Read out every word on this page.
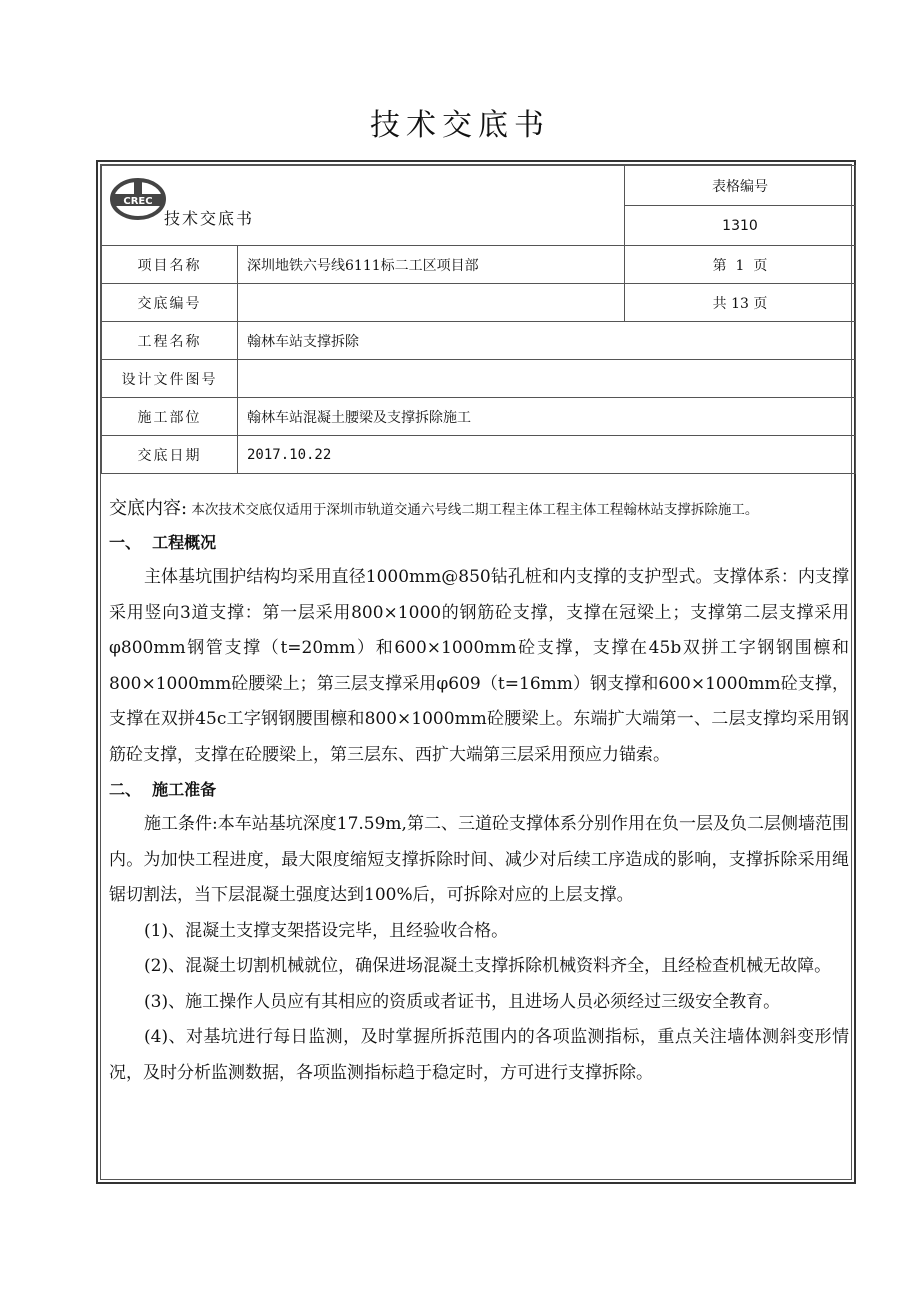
技术交底书
CREC
技术交底书		表格编号
		1310
项目名称	深圳地铁六号线6111标二工区项目部	第  1  页
交底编号		共 13 页
工程名称	翰林车站支撑拆除	
设计文件图号		
施工部位	翰林车站混凝土腰梁及支撑拆除施工	
交底日期	2017.10.22	

交底内容: 本次技术交底仅适用于深圳市轨道交通六号线二期工程主体工程主体工程翰林站支撑拆除施工。

一、  工程概况

主体基坑围护结构均采用直径1000mm@850钻孔桩和内支撑的支护型式。支撑体系：内支撑采用竖向3道支撑：第一层采用800×1000的钢筋砼支撑，支撑在冠梁上；支撑第二层支撑采用φ800mm钢管支撑（t=20mm）和600×1000mm砼支撑，支撑在45b双拼工字钢钢围檩和800×1000mm砼腰梁上；第三层支撑采用φ609（t=16mm）钢支撑和600×1000mm砼支撑，支撑在双拼45c工字钢钢腰围檩和800×1000mm砼腰梁上。东端扩大端第一、二层支撑均采用钢筋砼支撑，支撑在砼腰梁上，第三层东、西扩大端第三层采用预应力锚索。

二、  施工准备

施工条件:本车站基坑深度17.59m,第二、三道砼支撑体系分别作用在负一层及负二层侧墙范围内。为加快工程进度，最大限度缩短支撑拆除时间、减少对后续工序造成的影响，支撑拆除采用绳锯切割法，当下层混凝土强度达到100%后，可拆除对应的上层支撑。

(1)、混凝土支撑支架搭设完毕，且经验收合格。

(2)、混凝土切割机械就位，确保进场混凝土支撑拆除机械资料齐全，且经检查机械无故障。

(3)、施工操作人员应有其相应的资质或者证书，且进场人员必须经过三级安全教育。

(4)、对基坑进行每日监测，及时掌握所拆范围内的各项监测指标，重点关注墙体测斜变形情况，及时分析监测数据，各项监测指标趋于稳定时，方可进行支撑拆除。
